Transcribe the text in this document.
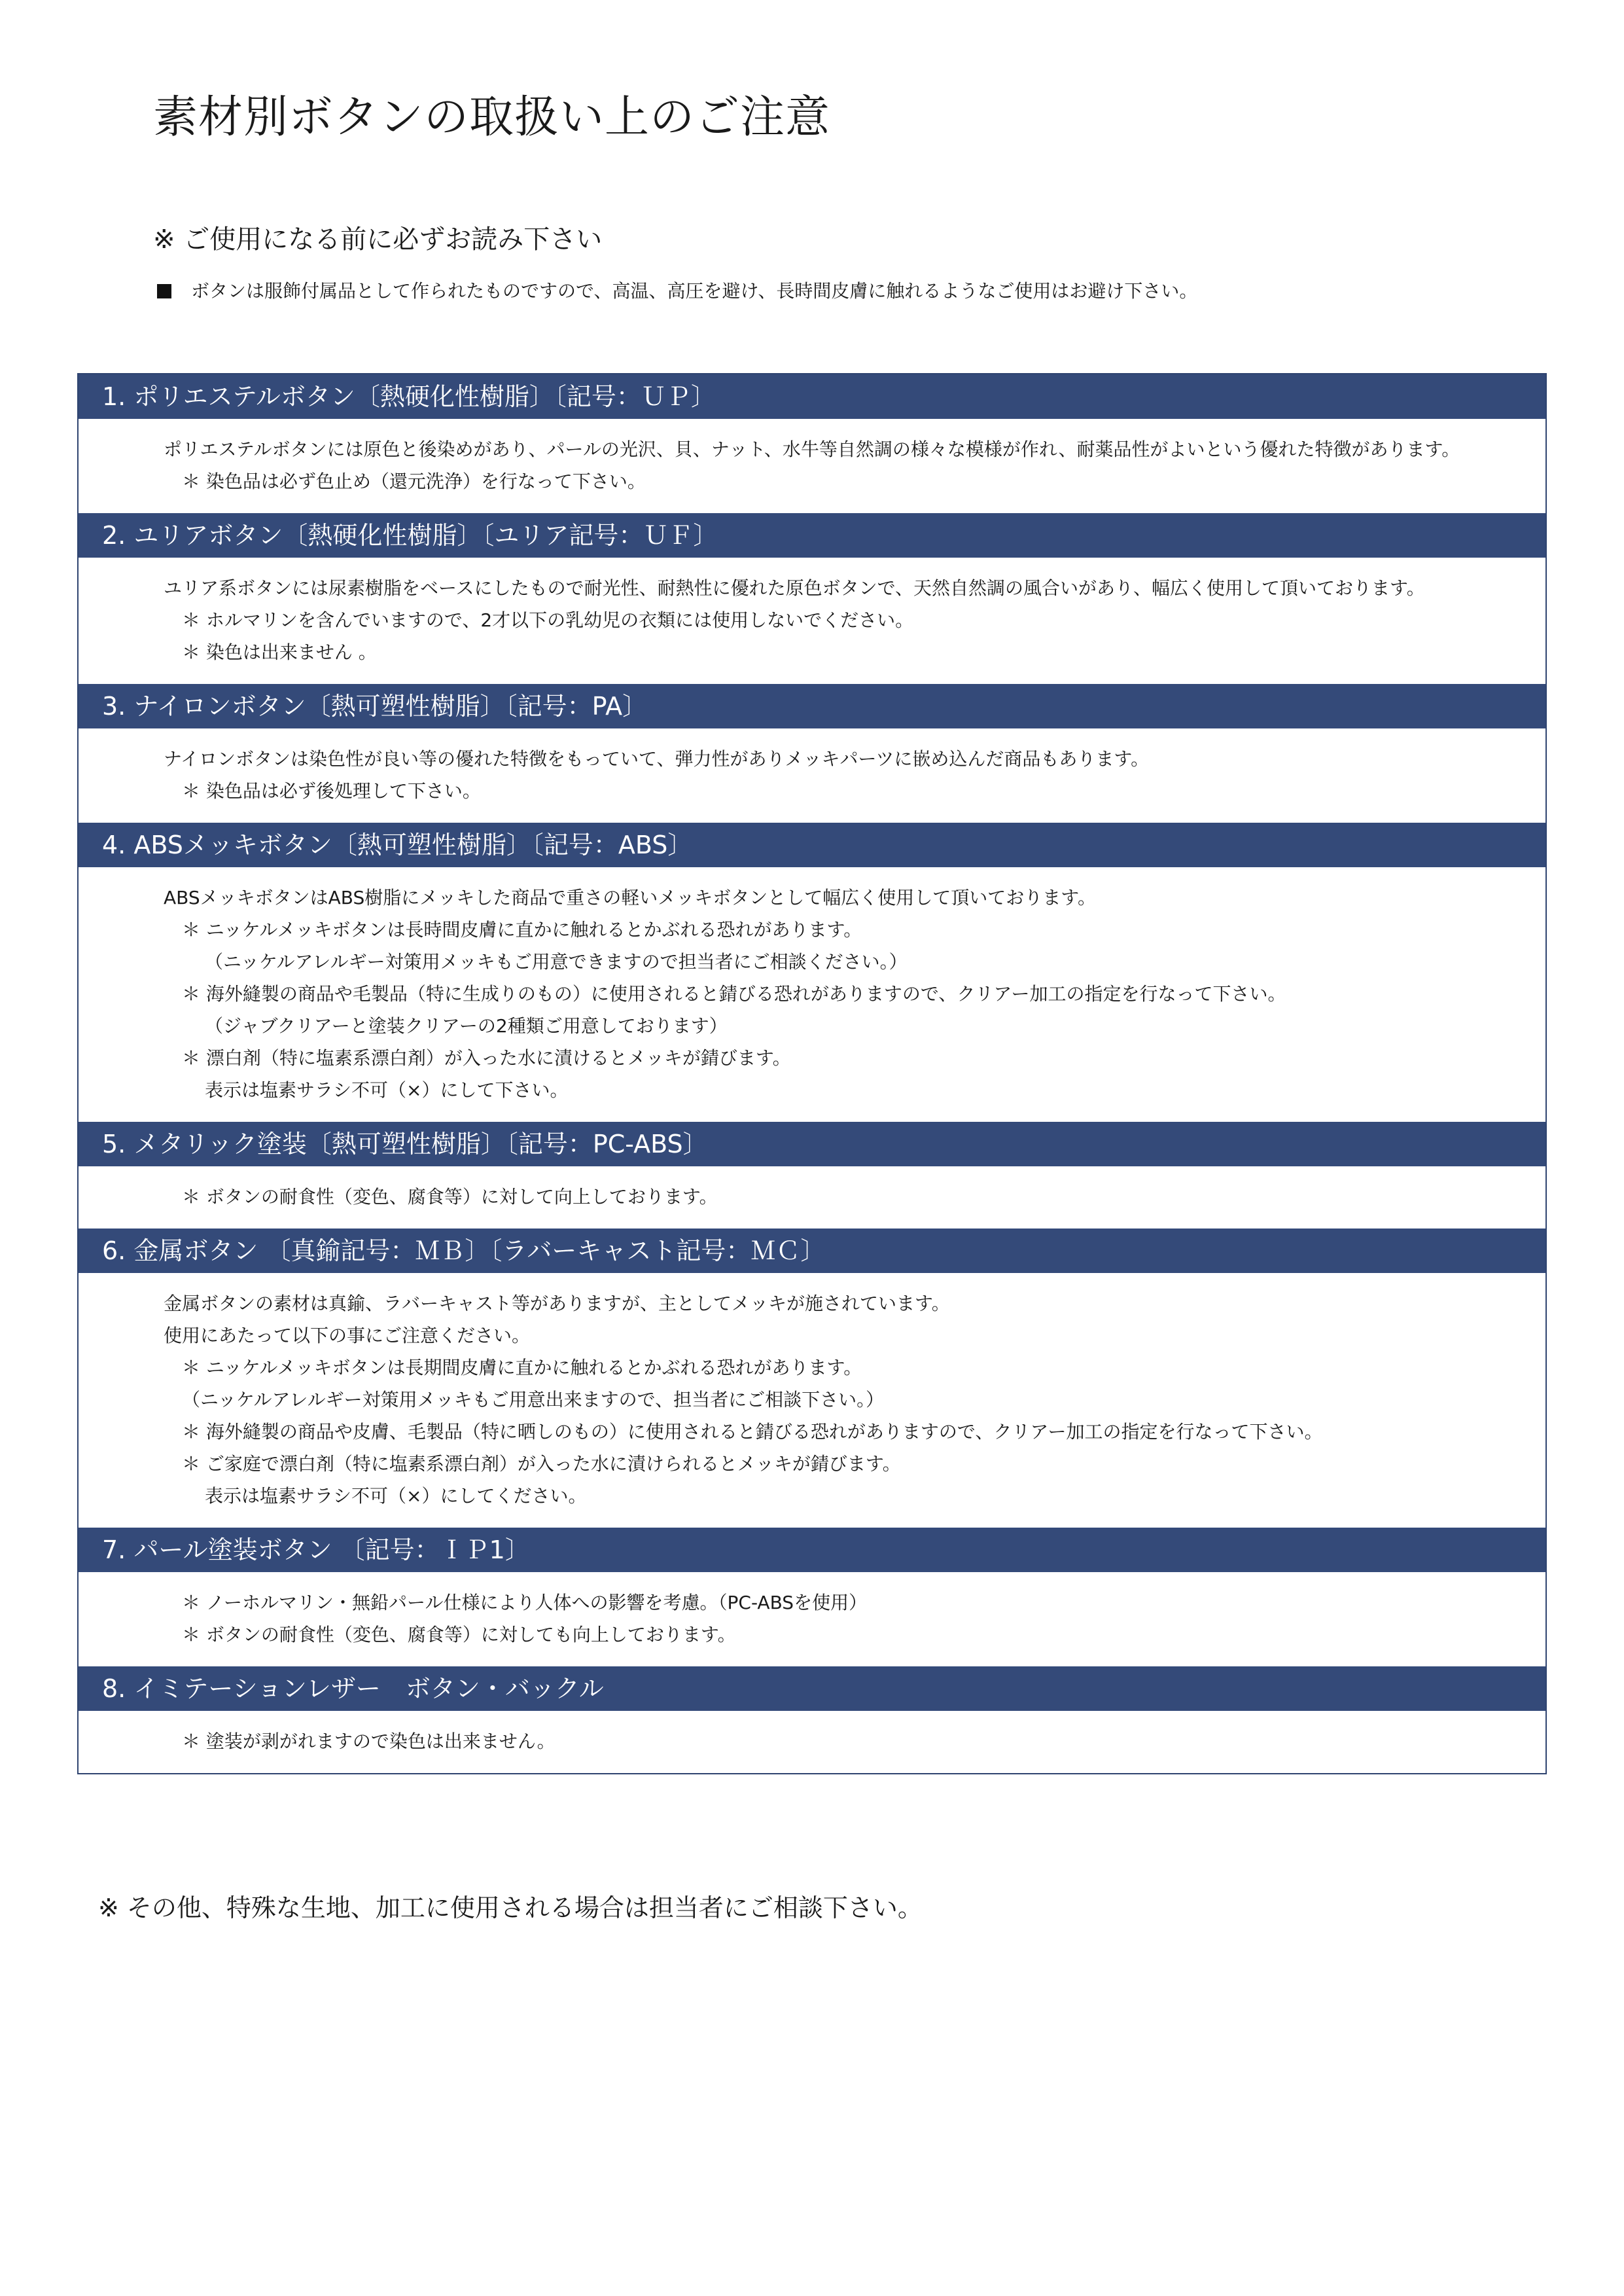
素材別ボタンの取扱い上のご注意
※ ご使用になる前に必ずお読み下さい
ボタンは服飾付属品として作られたものですので、高温、高圧を避け、長時間皮膚に触れるようなご使用はお避け下さい。
1. ポリエステルボタン〔熱硬化性樹脂〕〔記号：ＵＰ〕
ポリエステルボタンには原色と後染めがあり、パールの光沢、貝、ナット、水牛等自然調の様々な模様が作れ、耐薬品性がよいという優れた特徴があります。
＊ 染色品は必ず色止め（還元洗浄）を行なって下さい。
2. ユリアボタン〔熱硬化性樹脂〕〔ユリア記号：ＵＦ〕
ユリア系ボタンには尿素樹脂をベースにしたもので耐光性、耐熱性に優れた原色ボタンで、天然自然調の風合いがあり、幅広く使用して頂いております。
＊ ホルマリンを含んでいますので、2才以下の乳幼児の衣類には使用しないでください。
＊ 染色は出来ません 。
3. ナイロンボタン〔熱可塑性樹脂〕〔記号：PA〕
ナイロンボタンは染色性が良い等の優れた特徴をもっていて、弾力性がありメッキパーツに嵌め込んだ商品もあります。
＊ 染色品は必ず後処理して下さい。
4. ABSメッキボタン〔熱可塑性樹脂〕〔記号：ABS〕
ABSメッキボタンはABS樹脂にメッキした商品で重さの軽いメッキボタンとして幅広く使用して頂いております。
＊ ニッケルメッキボタンは長時間皮膚に直かに触れるとかぶれる恐れがあります。
（ニッケルアレルギー対策用メッキもご用意できますので担当者にご相談ください。）
＊ 海外縫製の商品や毛製品（特に生成りのもの）に使用されると錆びる恐れがありますので、クリアー加工の指定を行なって下さい。
（ジャブクリアーと塗装クリアーの2種類ご用意しております）
＊ 漂白剤（特に塩素系漂白剤）が入った水に漬けるとメッキが錆びます。
表示は塩素サラシ不可（×）にして下さい。
5. メタリック塗装〔熱可塑性樹脂〕〔記号：PC-ABS〕
＊ ボタンの耐食性（変色、腐食等）に対して向上しております。
6. 金属ボタン 〔真鍮記号：ＭＢ〕〔ラバーキャスト記号：ＭＣ〕
金属ボタンの素材は真鍮、ラバーキャスト等がありますが、主としてメッキが施されています。
使用にあたって以下の事にご注意ください。
＊ ニッケルメッキボタンは長期間皮膚に直かに触れるとかぶれる恐れがあります。
（ニッケルアレルギー対策用メッキもご用意出来ますので、担当者にご相談下さい。）
＊ 海外縫製の商品や皮膚、毛製品（特に晒しのもの）に使用されると錆びる恐れがありますので、クリアー加工の指定を行なって下さい。
＊ ご家庭で漂白剤（特に塩素系漂白剤）が入った水に漬けられるとメッキが錆びます。
表示は塩素サラシ不可（×）にしてください。
7. パール塗装ボタン 〔記号：ＩＰ1〕
＊ ノーホルマリン・無鉛パール仕様により人体への影響を考慮。（PC-ABSを使用）
＊ ボタンの耐食性（変色、腐食等）に対しても向上しております。
8. イミテーションレザー　ボタン・バックル
＊ 塗装が剥がれますので染色は出来ません。
※ その他、特殊な生地、加工に使用される場合は担当者にご相談下さい。
